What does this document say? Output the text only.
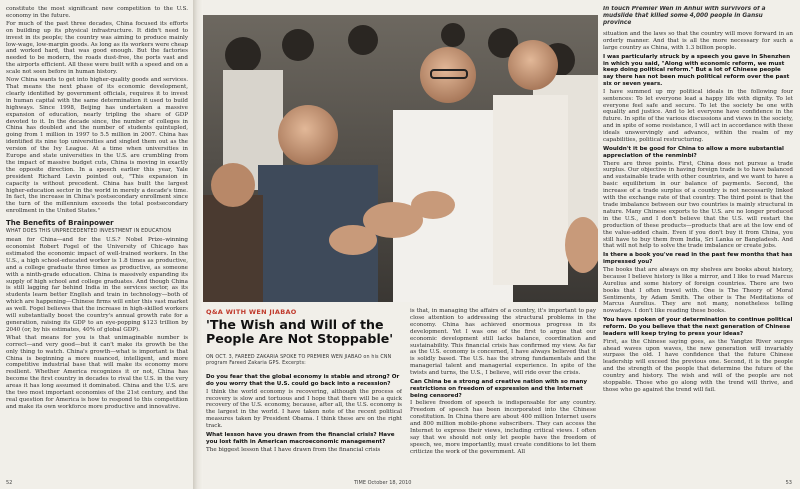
constitute the most significant new competition to the U.S. economy in the future.

For much of the past three decades, China focused its efforts on building up its physical infrastructure. It didn't need to invest in its people; the country was aiming to produce mainly low-wage, low-margin goods. As long as its workers were cheap and worked hard, that was good enough. But the factories needed to be modern, the roads dust-free, the ports vast and the airports efficient. All these were built with a speed and on a scale not seen before in human history.

Now China wants to get into higher-quality goods and services. That means the next phase of its economic development, clearly identified by government officials, requires it to invest in human capital with the same determination it used to build highways. Since 1998, Beijing has undertaken a massive expansion of education, nearly tripling the share of GDP devoted to it. In the decade since, the number of colleges in China has doubled and the number of students quintupled, going from 1 million in 1997 to 5.5 million in 2007. China has identified its nine top universities and singled them out as the version of the Ivy League. At a time when universities in Europe and state universities in the U.S. are crumbling from the impact of massive budget cuts, China is moving in exactly the opposite direction. In a speech earlier this year, Yale president Richard Levin pointed out, "This expansion in capacity is without precedent. China has built the largest higher-education sector in the world in merely a decade's time. In fact, the increase in China's postsecondary enrollment since the turn of the millennium exceeds the total postsecondary enrollment in the United States."

The Benefits of Brainpower

WHAT DOES THIS UNPRECEDENTED INVESTMENT IN EDUCATION

mean for China—and for the U.S.? Nobel Prize–winning economist Robert Fogel of the University of Chicago has estimated the economic impact of well-trained workers. In the U.S., a high school-educated worker is 1.8 times as productive, and a college graduate three times as productive, as someone with a ninth-grade education. China is massively expanding its supply of high school and college graduates. And though China is still lagging far behind India in the services sector, as its students learn better English and train in technology—both of which are happening—Chinese firms will enter this vast market as well. Fogel believes that the increase in high-skilled workers will substantially boost the country's annual growth rate for a generation, raising its GDP to an eye-popping $123 trillion by 2040 (or, by his estimates, 40% of global GDP).

What that means for you is that unimaginable number is correct—and very good—but it can't make its growth be the only thing to watch. China's growth—what is important is that China is beginning a more nuanced, intelligent, and more competitive industrial base that will make its economy more resilient. Whether America recognizes it or not, China has become the first country in decades to rival the U.S. in the very areas it has long assumed it dominated. China and the U.S. are the two most important economies of the 21st century, and the real question for America is how to respond to this competition and make its own workforce more productive and innovative.

Q&A WITH WEN JIABAO
'The Wish and Will of the People Are Not Stoppable'
ON OCT. 3, FAREED ZAKARIA SPOKE TO PREMIER WEN JIABAO on his CNN program Fareed Zakaria GPS. Excerpts:

Do you fear that the global economy is stable and strong? Or do you worry that the U.S. could go back into a recession?

I think the world economy is recovering, although the process of recovery is slow and tortuous and I hope that there will be a quick recovery of the U.S. economy, because, after all, the U.S. economy is the largest in the world. I have taken note of the recent political measures taken by President Obama. I think these are on the right track.

What lesson have you drawn from the financial crisis? Have you lost faith in American macroeconomic management?

The biggest lesson that I have drawn from the financial crisis

is that, in managing the affairs of a country, it's important to pay close attention to addressing the structural problems in the economy. China has achieved enormous progress in its development. Yet I was one of the first to argue that our economic development still lacks balance, coordination and sustainability. This financial crisis has confirmed my view. As far as the U.S. economy is concerned, I have always believed that it is solidly based. The U.S. has the strong fundamentals and the managerial talent and managerial experience. In spite of the twists and turns, the U.S., I believe, will ride over the crisis.

Can China be a strong and creative nation with so many restrictions on freedom of expression and the Internet being censored?

I believe freedom of speech is indispensable for any country. Freedom of speech has been incorporated into the Chinese constitution. In China there are about 400 million Internet users and 800 million mobile-phone subscribers. They can access the Internet to express their views, including critical views. I often say that we should not only let people have the freedom of speech, we, more importantly, must create conditions to let them criticize the work of the government. All

In touch Premier Wen in Anhui with survivors of a mudslide that killed some 4,000 people in Gansu province

situation and the laws so that the country will move forward in an orderly manner. And that is all the more necessary for such a large country as China, with 1.3 billion people.

I was particularly struck by a speech you gave in Shenzhen in which you said, "Along with economic reform, we must keep doing political reform." But a lot of Chinese people say there has not been much political reform over the past six or seven years.

I have summed up my political ideals in the following four sentences: To let everyone lead a happy life with dignity. To let everyone feel safe and secure. To let the society be one with equality and justice. And to let everyone have confidence in the future. In spite of the various discussions and views in the society, and in spite of some resistance, I will act in accordance with these ideals unswervingly and advance, within the realm of my capabilities, political restructuring.

Wouldn't it be good for China to allow a more substantial appreciation of the renminbi?

There are three points. First, China does not pursue a trade surplus. Our objective in having foreign trade is to have balanced and sustainable trade with other countries, and we want to have a basic equilibrium in our balance of payments. Second, the increase of a trade surplus of a country is not necessarily linked with the exchange rate of that country. The third point is that the trade imbalance between our two countries is mainly structural in nature. Many Chinese exports to the U.S. are no longer produced in the U.S., and I don't believe that the U.S. will restart the production of these products—products that are at the low end of the value-added chain. Even if you don't buy it from China, you still have to buy them from India, Sri Lanka or Bangladesh. And that will not help to solve the trade imbalance or create jobs.

Is there a book you've read in the past few months that has impressed you?

The books that are always on my shelves are books about history, because I believe history is like a mirror, and I like to read Marcus Aurelius and some history of foreign countries. There are two books that I often travel with. One is The Theory of Moral Sentiments, by Adam Smith. The other is The Meditations of Marcus Aurelius. They are not many, nonetheless telling nowadays. I don't like reading these books.

You have spoken of your determination to continue political reform. Do you believe that the next generation of Chinese leaders will keep trying to press your ideas?

First, as the Chinese saying goes, as the Yangtze River surges ahead waves upon waves, the new generation will invariably surpass the old. I have confidence that the future Chinese leadership will exceed the previous one. Second, it is the people and the strength of the people that determine the future of the country and history. The wish and will of the people are not stoppable. Those who go along with the trend will thrive, and those who go against the trend will fail.

52	TIME October 18, 2010	53
